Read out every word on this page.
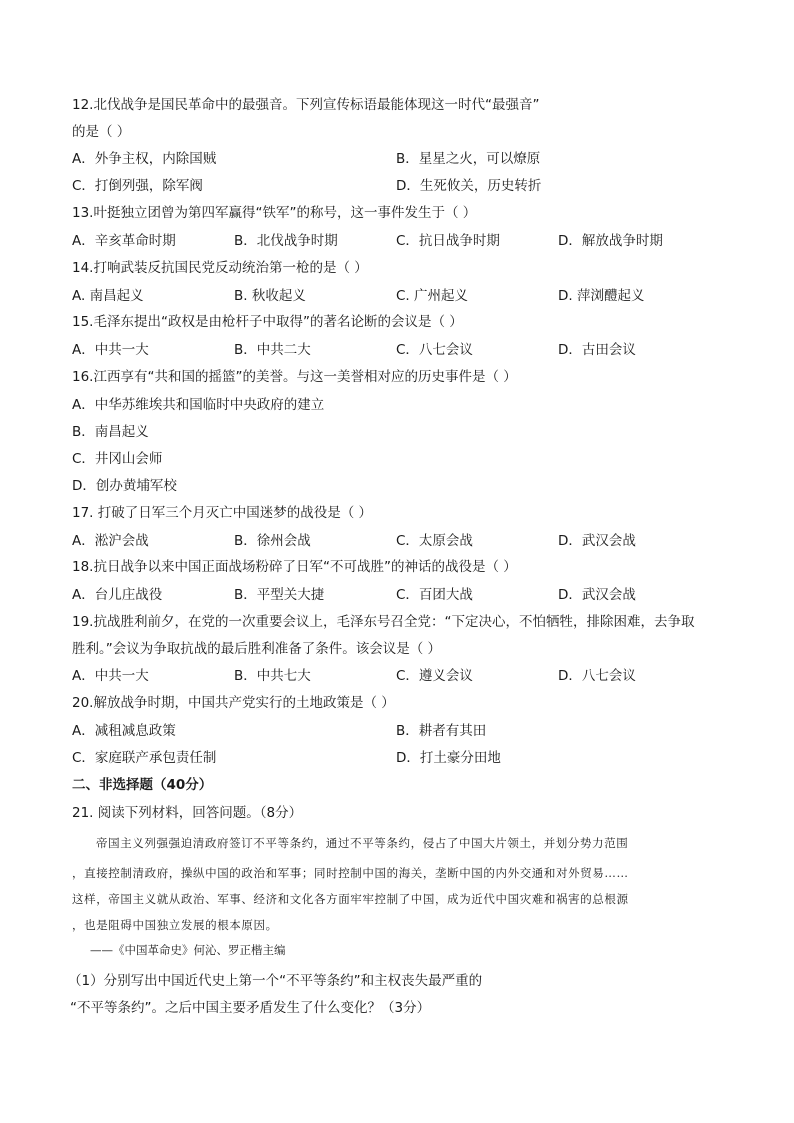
12.北伐战争是国民革命中的最强音。下列宣传标语最能体现这一时代“最强音”
的是（ ）
A．外争主权，内除国贼	B．星星之火，可以燎原
C．打倒列强，除军阀	D．生死攸关，历史转折
13.叶挺独立团曾为第四军赢得“铁军”的称号，这一事件发生于（ ）
A．辛亥革命时期	B．北伐战争时期	C．抗日战争时期	D．解放战争时期
14.打响武装反抗国民党反动统治第一枪的是（ ）
A. 南昌起义	B. 秋收起义	C. 广州起义	D. 萍浏醴起义
15.毛泽东提出“政权是由枪杆子中取得”的著名论断的会议是（ ）
A．中共一大	B．中共二大	C．八七会议	D．古田会议
16.江西享有“共和国的摇篮”的美誉。与这一美誉相对应的历史事件是（ ）
A．中华苏维埃共和国临时中央政府的建立
B．南昌起义
C．井冈山会师
D．创办黄埔军校
17. 打破了日军三个月灭亡中国迷梦的战役是（ ）
A．淞沪会战	B．徐州会战	C．太原会战	D．武汉会战
18.抗日战争以来中国正面战场粉碎了日军“不可战胜”的神话的战役是（ ）
A．台儿庄战役	B．平型关大捷	C．百团大战	D．武汉会战
19.抗战胜利前夕，在党的一次重要会议上，毛泽东号召全党：“下定决心，不怕牺牲，排除困难，去争取
胜利。”会议为争取抗战的最后胜利准备了条件。该会议是（ ）
A．中共一大	B．中共七大	C．遵义会议	D．八七会议
20.解放战争时期，中国共产党实行的土地政策是（ ）
A．减租减息政策	B．耕者有其田
C．家庭联产承包责任制	D．打土豪分田地
二、非选择题（40分）
21. 阅读下列材料，回答问题。（8分）
帝国主义列强强迫清政府签订不平等条约，通过不平等条约，侵占了中国大片领土，并划分势力范围
，直接控制清政府，操纵中国的政治和军事；同时控制中国的海关，垄断中国的内外交通和对外贸易……
这样，帝国主义就从政治、军事、经济和文化各方面牢牢控制了中国，成为近代中国灾难和祸害的总根源
，也是阻碍中国独立发展的根本原因。
——《中国革命史》何沁、罗正楷主编
（1）分别写出中国近代史上第一个“不平等条约”和主权丧失最严重的
“不平等条约”。之后中国主要矛盾发生了什么变化？（3分）
